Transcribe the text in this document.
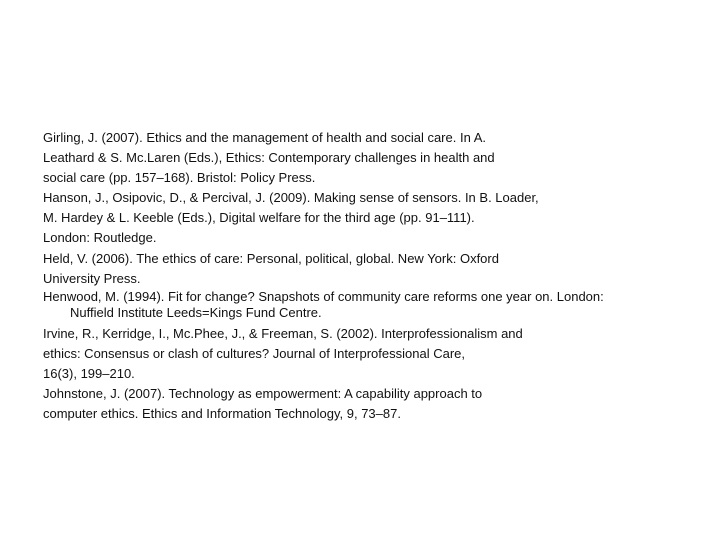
Girling, J. (2007). Ethics and the management of health and social care. In A.
Leathard & S. Mc.Laren (Eds.), Ethics: Contemporary challenges in health and
social care (pp. 157–168). Bristol: Policy Press.
Hanson, J., Osipovic, D., & Percival, J. (2009). Making sense of sensors. In B. Loader,
M. Hardey & L. Keeble (Eds.), Digital welfare for the third age (pp. 91–111).
London: Routledge.
Held, V. (2006). The ethics of care: Personal, political, global. New York: Oxford
University Press.
Henwood, M. (1994). Fit for change? Snapshots of community care reforms one year on. London:
Nuffield Institute Leeds=Kings Fund Centre.
Irvine, R., Kerridge, I., Mc.Phee, J., & Freeman, S. (2002). Interprofessionalism and
ethics: Consensus or clash of cultures? Journal of Interprofessional Care,
16(3), 199–210.
Johnstone, J. (2007). Technology as empowerment: A capability approach to
computer ethics. Ethics and Information Technology, 9, 73–87.
